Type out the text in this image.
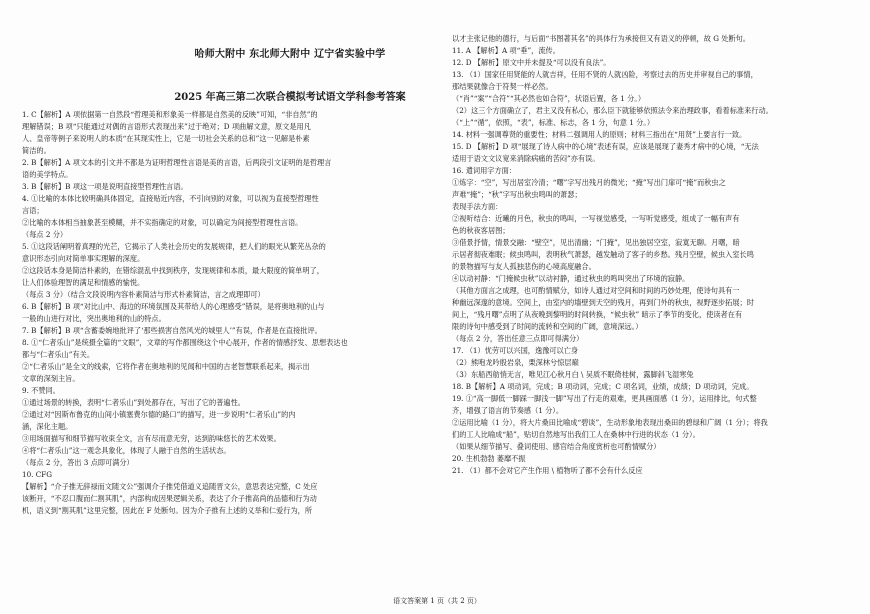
哈师大附中 东北师大附中 辽宁省实验中学
2025 年高三第二次联合模拟考试语文学科参考答案
1. C【解析】A 项依据第一自然段“哲理美和形象美一样都是自然美的反映”可知，“非自然”的
理解错误；B 项“只能通过对偶的言语形式表现出来”过于绝对；D 项曲解文意，原文是用凡
人、皇帝等例子来说明人的本质“在其现实性上，它是一切社会关系的总和”这一见解是朴素
简洁的。
2. B【解析】A 项文本的引文并不都是为证明哲理性言语是美的言语，后两段引文证明的是哲理言
语的美学特点。
3. B【解析】B 项这一项是说明直接型哲理性言语。
4. ①比喻的本体比较明确具体固定，直接贴近内容，不引向别的对象，可以视为直接型哲理性
言语；
②比喻的本体相当抽象甚至模糊，并不实指确定的对象，可以确定为间接型哲理性言语。
（每点 2 分）
5. ①这段话阐明着真理的光芒，它揭示了人类社会历史的发展规律，把人们的眼光从繁芜丛杂的
意识形态引向对简单事实理解的深度。
②这段话本身是简洁朴素的，在错综混乱中找到秩序，发现规律和本质，最大限度的简单明了，
让人们体验理智的满足和情感的愉悦。
（每点 3 分）（结合文段说明内容朴素简洁与形式朴素简洁，言之成理即可）
6. B【解析】B 项“对比山中、海边的环境氛围及其带给人的心理感受”错误，是将奥地利的山与
一般的山进行对比，突出奥地利的山的特点。
7. B【解析】B 项“含蓄委婉地批评了‘那些损害自然风光的城里人’”有误，作者是在直接批评。
8. ①“仁者乐山”是统摄全篇的“文眼”，文章的写作都围绕这个中心展开，作者的情感抒发、思想表达也
都与“仁者乐山”有关。
②“仁者乐山”是全文的线索，它将作者在奥地利的见闻和中国的古老智慧联系起来，揭示出
文章的深刻主旨。
9. 不赞同。
①通过场景的转换，表明“仁者乐山”到处都存在，写出了它的普遍性。
②通过对“因斯布鲁克的山间小镇塞费尔德的路口”的描写，进一步说明“仁者乐山”的内
涵，深化主题。
③用场面描写和细节描写收束全文，言有尽而意无穷，达到韵味悠长的艺术效果。
④将“仁者乐山”这一观念具象化，体现了人融于自然的生活状态。
（每点 2 分，答出 3 点即可满分）
10. CFG
【解析】“介子推无辞禄而文随文公”强调介子推凭借道义追随晋文公，意思表达完整，C 处应
该断开，“不忍口腹而仁割其肌”，内部构成因果逻辑关系，表达了介子推高尚的品德和行为动
机，语义到“割其肌”这里完整，因此在 F 处断句。因为介子推有上述的义举和仁爱行为，所
以才主张记他的德行，与后面“书图著其名”的具体行为承接但又有语义的停顿，故 G 处断句。
11. A 【解析】A 项“垂”，流传。
12. D 【解析】原文中并未提及“可以没有良法”。
13. （1）国家任用贤能的人就吉祥，任用不贤的人就凶险，考察过去的历史并审视自己的事情，
那结果就像合于符契一样必然。
（“肖”“案”“合符”“其必然也如合符”，状语后置，各 1 分。）
（2）这三个方面确立了，君主又没有私心，那么臣下就能够依照法令来治理政事，看着标准来行动。
（“上”“循”，依照，“表”，标准、标志，各 1 分，句意 1 分。）
14. 材料一强调尊贤的重要性；材料二强调用人的原则；材料三指出在“用贤”上要言行一致。
15. D 【解析】D 项“展现了诗人病中的心境”表述有误，应该是展现了妻秀才病中的心境，“无法
适用于语文文议宽来消除病痛的苦闷”亦有误。
16. 遣词用字方面：
①炼字：“空”，写出居室冷清；“曙”字写出残月的微光；“掩”写出门扉可“掩”而秋虫之
声难“掩”；“秋”字写出秋虫鸣叫的萧瑟；
表现手法方面：
②视听结合：近曦的月色，秋虫的鸣叫，一写视觉感受，一写听觉感受，组成了一幅有声有
色的秋夜客居图；
③借景抒情，情景交融：“壁空”，见出清幽；“门掩”，见出独居空室，寂寞无聊。月曙，暗
示居者彻夜难眠；候虫鸣叫，表明秋气萧瑟，越发触动了客子的乡愁。残月空壁，候虫入室长鸣
的景物描写与友人孤独悲伤的心境高度融合。
④以动衬静：“门掩候虫秋”以动衬静，通过秋虫的鸣叫突出了环境的寂静。
（其他方面言之成理，也可酌情赋分，如诗人通过对空间和时间的巧妙处理，使诗句具有一
种幽远深邃的意境。空间上，由室内的墙壁到天空的残月，再到门外的秋虫，视野逐步拓展；时
间上，“残月曙”点明了从夜晚到黎明的时间转换，“候虫秋” 暗示了季节的变化，使读者在有
限的诗句中感受到了时间的流转和空间的广阔，意境深远。）
（每点 2 分，答出任意三点即可得满分）
17. （1）忧劳可以兴国，逸豫可以亡身
（2）熊咆龙吟殷岩泉，栗深林兮惊层巅
（3）东船西舫悄无言，唯见江心秋月白 \ 吴质不眠倚桂树，露脚斜飞湿寒兔
18. B【解析】A 项动词，完成；B 项动词，完成；C 项名词，业绩，成绩；D 项动词，完成。
19. ①“高一脚低一脚踩一脚浅一脚”写出了行走的艰难，更具画面感（1 分），运用排比，句式整
齐，增强了语言的节奏感（1 分）。
②运用比喻（1 分），将大片桑田比喻成“碧谈”，生动形象地表现出桑田的碧绿和广阔（1 分）；将我
们的工人比喻成“船”，贴切自然地写出我们工人在桑林中行进的状态（1 分）。
（如果从细节描写、叠词使用、感官结合角度赏析也可酌情赋分）
20. 生机勃勃 萎靡不振
21. （1）都不会对它产生作用 \ 植物听了都不会有什么反应
语文答案第 1 页（共 2 页）
